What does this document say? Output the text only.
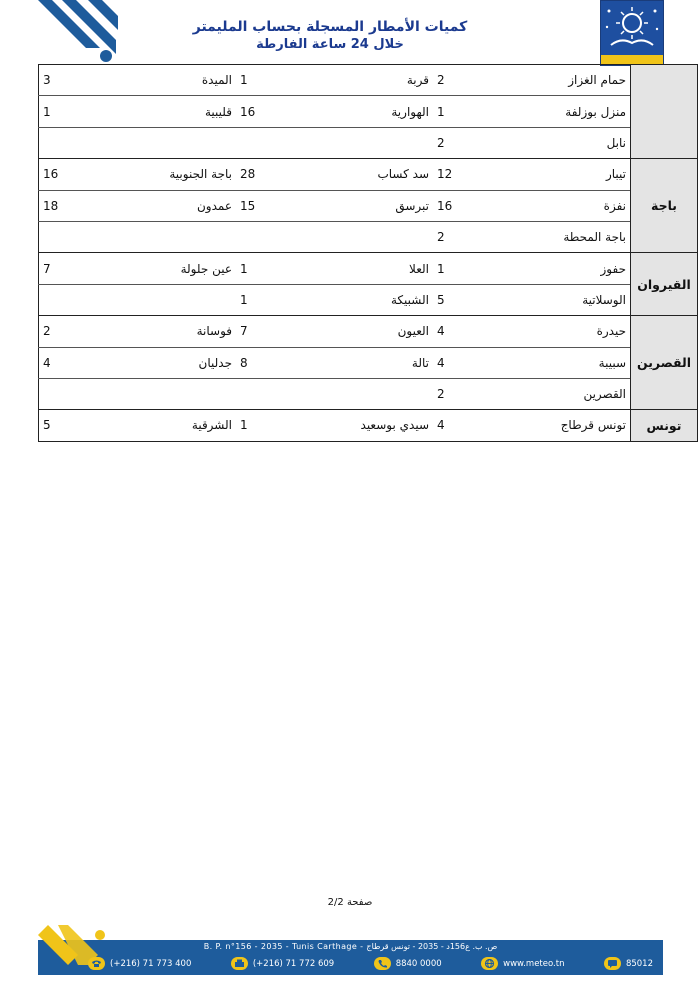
كميات الأمطار المسجلة بحساب المليمتر
خلال 24 ساعة الفارطة
	حمام الغزاز	2	قربة	1	الميدة	3
	منزل بوزلفة	1	الهوارية	16	قليبية	1
	نابل	2				
باجة	تيبار	12	سد كساب	28	باجة الجنوبية	16
	نفزة	16	تبرسق	15	عمدون	18
	باجة المحطة	2				
القيروان	حفوز	1	العلا	1	عين جلولة	7
	الوسلاتية	5	الشبيكة	1		
القصرين	حيدرة	4	العيون	7	فوسانة	2
	سبيبة	4	تالة	8	جدليان	4
	القصرين	2				
تونس	تونس قرطاج	4	سيدي بوسعيد	1	الشرقية	5
صفحة 2/2
B. P. n°156 - 2035 - Tunis Carthage - ص. ب. ع156د - 2035 - تونس قرطاج
(+216) 71 773 400	(+216) 71 772 609	8840 0000	www.meteo.tn	85012
